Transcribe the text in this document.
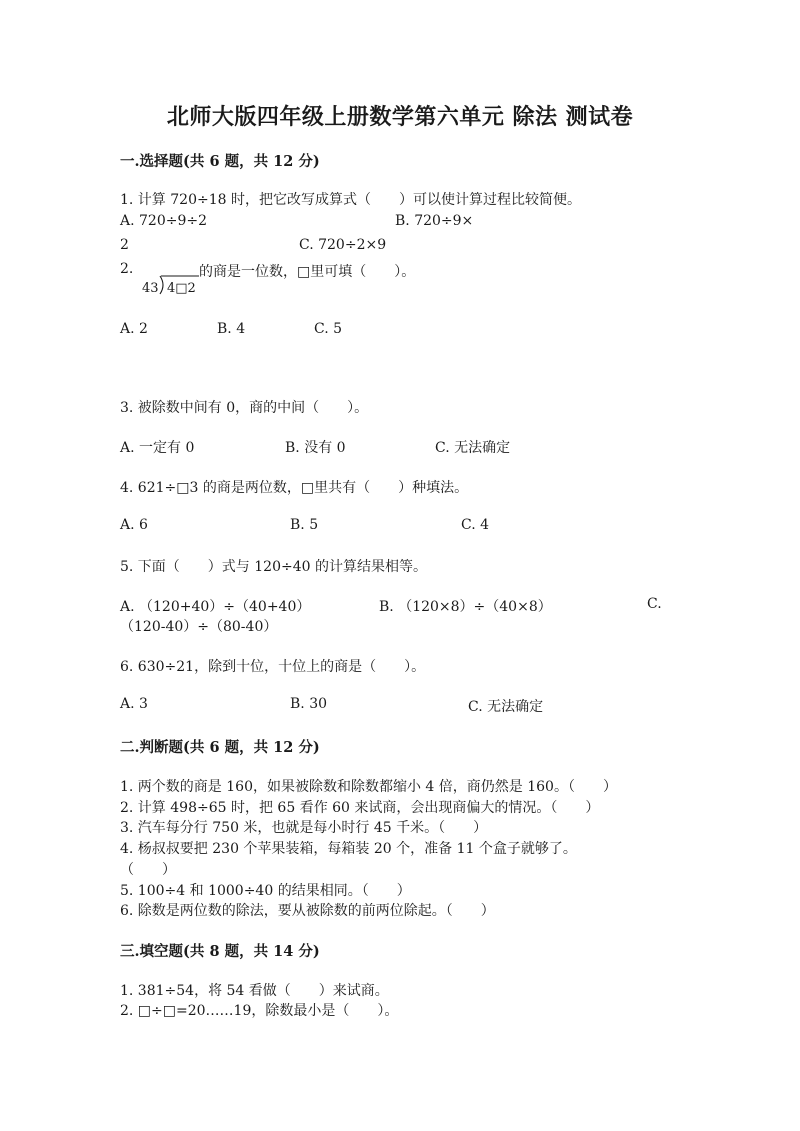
北师大版四年级上册数学第六单元 除法 测试卷
一.选择题(共 6 题，共 12 分)
1. 计算 720÷18 时，把它改写成算式（　　）可以使计算过程比较简便。
A. 720÷9÷2	B. 720÷9×
2	C. 720÷2×9
2.
43 4□2
的商是一位数，□里可填（　　）。
A. 2	B. 4	C. 5
3. 被除数中间有 0，商的中间（　　）。
A. 一定有 0	B. 没有 0	C. 无法确定
4. 621÷□3 的商是两位数，□里共有（　　）种填法。
A. 6	B. 5	C. 4
5. 下面（　　）式与 120÷40 的计算结果相等。
A. （120+40）÷（40+40）	B. （120×8）÷（40×8）	C.
（120-40）÷（80-40）
6. 630÷21，除到十位，十位上的商是（　　）。
A. 3	B. 30	C. 无法确定
二.判断题(共 6 题，共 12 分)
1. 两个数的商是 160，如果被除数和除数都缩小 4 倍，商仍然是 160。（　　）
2. 计算 498÷65 时，把 65 看作 60 来试商，会出现商偏大的情况。（　　）
3. 汽车每分行 750 米，也就是每小时行 45 千米。（　　）
4. 杨叔叔要把 230 个苹果装箱，每箱装 20 个，准备 11 个盒子就够了。
（　　）
5. 100÷4 和 1000÷40 的结果相同。（　　）
6. 除数是两位数的除法，要从被除数的前两位除起。（　　）
三.填空题(共 8 题，共 14 分)
1. 381÷54，将 54 看做（　　）来试商。
2. □÷□=20……19，除数最小是（　　）。
